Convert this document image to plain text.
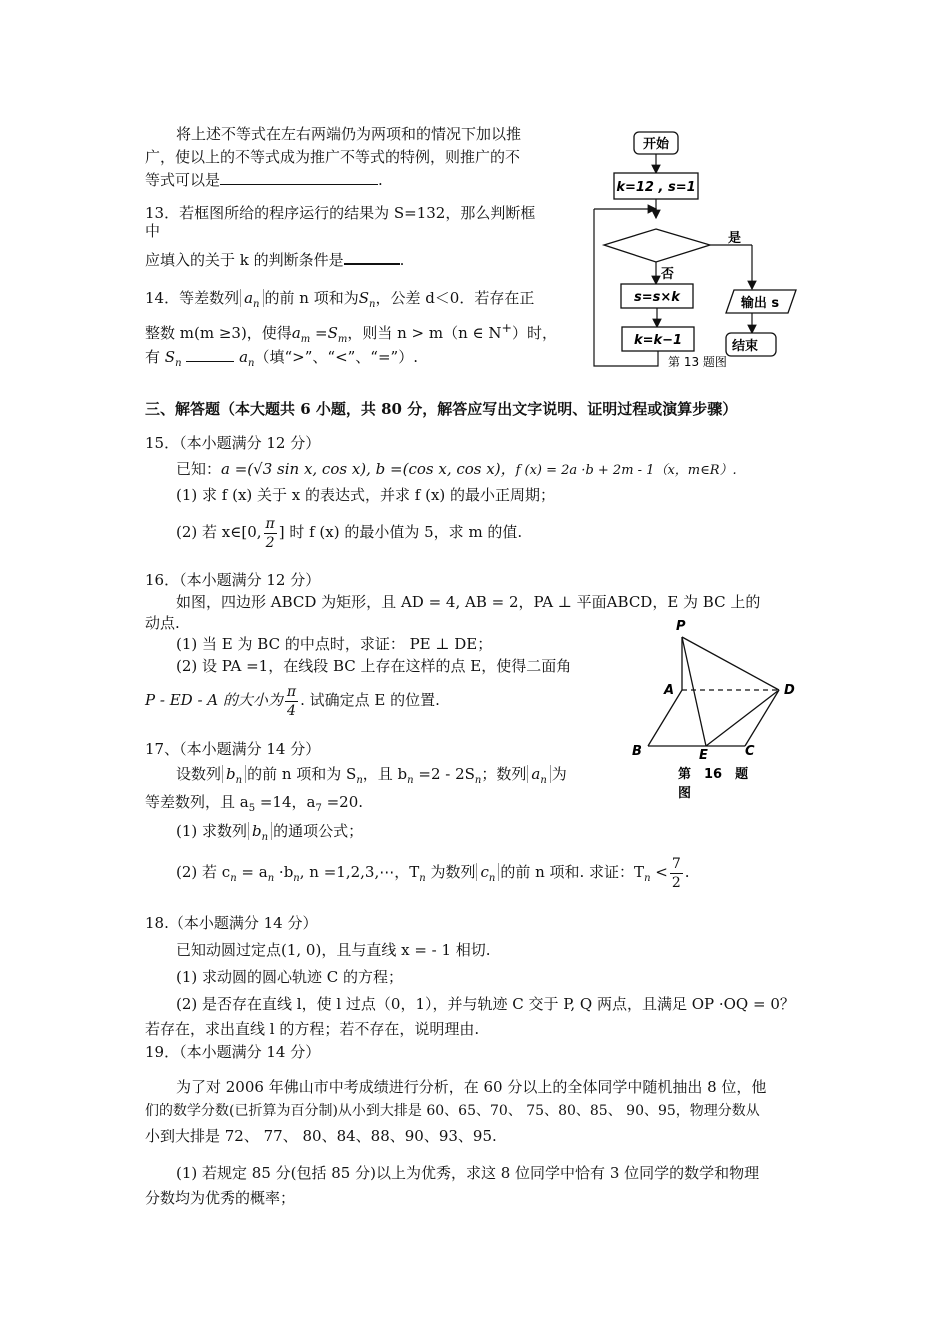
将上述不等式在左右两端仍为两项和的情况下加以推
广，使以上的不等式成为推广不等式的特例，则推广的不
等式可以是	.
13．若框图所给的程序运行的结果为 S=132，那么判断框
中
应填入的关于 k 的判断条件是	.
14．等差数列 $a_n$ 的前 n 项和为$S_n$，公差 d＜0．若存在正
整数 m(m ≥3)，使得$a_m =S_m$，则当 n > m（n ∈ N+）时，
有 $S_n$	$a_n$（填“>”、“<”、“=”）.
开始
k=12 , s=1
是
否
s=s×k	输出 s
k=k−1	结束
第 13 题图
三、解答题（本大题共 6 小题，共 80 分，解答应写出文字说明、证明过程或演算步骤）
15．（本小题满分 12 分）
已知：a =(√3 sin x, cos x), b =(cos x, cos x)，f (x) = 2a ·b + 2m - 1（x，m∈R）.
(1) 求 f (x) 关于 x 的表达式，并求 f (x) 的最小正周期；
(2) 若 x∈[0, $\frac{\pi}{2}$ ] 时 f (x) 的最小值为 5，求 m 的值.
16．（本小题满分 12 分）
如图，四边形 ABCD 为矩形，且 AD = 4, AB = 2，PA ⊥ 平面ABCD，E 为 BC 上的
动点.
(1) 当 E 为 BC 的中点时，求证： PE ⊥ DE；
(2) 设 PA =1，在线段 BC 上存在这样的点 E，使得二面角
P - ED - A 的大小为 $\frac{\pi}{4}$ . 试确定点 E 的位置.
P
A	D
B	E	C
第　16　题
图
17、（本小题满分 14 分）
设数列 $b_n$ 的前 n 项和为 $S_n$，且 $b_n =2 - 2S_n$；数列 $a_n$ 为
等差数列，且 $a_5 =14$，$a_7 =20$.
(1) 求数列 $b_n$ 的通项公式；
(2) 若 $c_n = a_n \cdot b_n$, n =1,2,3,⋯，$T_n$ 为数列 $c_n$ 的前 n 项和. 求证：$T_n < \frac{7}{2}$ .
18.（本小题满分 14 分）
已知动圆过定点(1, 0)，且与直线 x = - 1 相切.
(1) 求动圆的圆心轨迹 C 的方程；
(2) 是否存在直线 l，使 l 过点（0，1），并与轨迹 C 交于 P, Q 两点，且满足 OP ·OQ = 0？
若存在，求出直线 l 的方程；若不存在，说明理由.
19．（本小题满分 14 分）
为了对 2006 年佛山市中考成绩进行分析，在 60 分以上的全体同学中随机抽出 8 位，他
们的数学分数(已折算为百分制)从小到大排是 60、65、70、 75、80、85、 90、95，物理分数从
小到大排是 72、 77、 80、84、88、90、93、95.
(1) 若规定 85 分(包括 85 分)以上为优秀，求这 8 位同学中恰有 3 位同学的数学和物理
分数均为优秀的概率；
